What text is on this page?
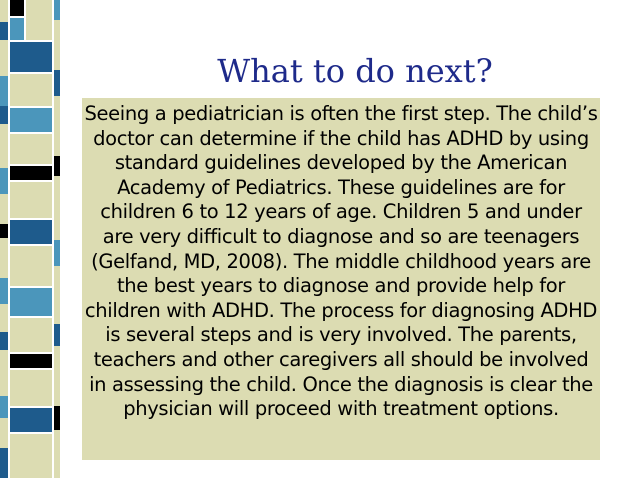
What to do next?

Seeing a pediatrician is often the first step. The child’s doctor can determine if the child has ADHD by using standard guidelines developed by the American Academy of Pediatrics. These guidelines are for children 6 to 12 years of age. Children 5 and under are very difficult to diagnose and so are teenagers (Gelfand, MD, 2008). The middle childhood years are the best years to diagnose and provide help for children with ADHD. The process for diagnosing ADHD is several steps and is very involved. The parents, teachers and other caregivers all should be involved in assessing the child. Once the diagnosis is clear the physician will proceed with treatment options.
